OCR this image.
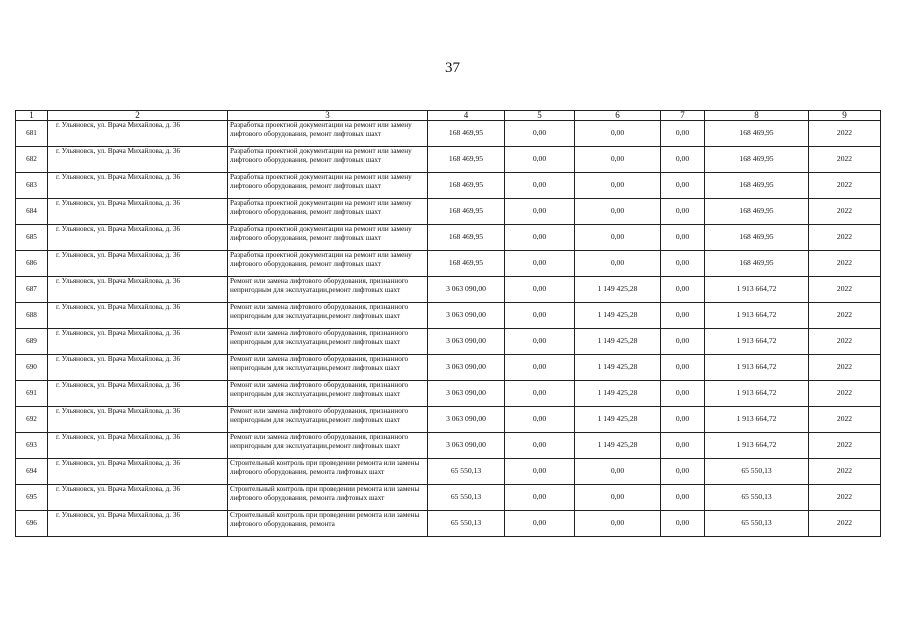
37
1	2	3	4	5	6	7	8	9
681	г. Ульяновск, ул. Врача Михайлова, д. 36	Разработка проектной документации на ремонт или замену лифтового оборудования, ремонт лифтовых шахт	168 469,95	0,00	0,00	0,00	168 469,95	2022
682	г. Ульяновск, ул. Врача Михайлова, д. 36	Разработка проектной документации на ремонт или замену лифтового оборудования, ремонт лифтовых шахт	168 469,95	0,00	0,00	0,00	168 469,95	2022
683	г. Ульяновск, ул. Врача Михайлова, д. 36	Разработка проектной документации на ремонт или замену лифтового оборудования, ремонт лифтовых шахт	168 469,95	0,00	0,00	0,00	168 469,95	2022
684	г. Ульяновск, ул. Врача Михайлова, д. 36	Разработка проектной документации на ремонт или замену лифтового оборудования, ремонт лифтовых шахт	168 469,95	0,00	0,00	0,00	168 469,95	2022
685	г. Ульяновск, ул. Врача Михайлова, д. 36	Разработка проектной документации на ремонт или замену лифтового оборудования, ремонт лифтовых шахт	168 469,95	0,00	0,00	0,00	168 469,95	2022
686	г. Ульяновск, ул. Врача Михайлова, д. 36	Разработка проектной документации на ремонт или замену лифтового оборудования, ремонт лифтовых шахт	168 469,95	0,00	0,00	0,00	168 469,95	2022
687	г. Ульяновск, ул. Врача Михайлова, д. 36	Ремонт или замена лифтового оборудования, признанного непригодным для эксплуатации,ремонт лифтовых шахт	3 063 090,00	0,00	1 149 425,28	0,00	1 913 664,72	2022
688	г. Ульяновск, ул. Врача Михайлова, д. 36	Ремонт или замена лифтового оборудования, признанного непригодным для эксплуатации,ремонт лифтовых шахт	3 063 090,00	0,00	1 149 425,28	0,00	1 913 664,72	2022
689	г. Ульяновск, ул. Врача Михайлова, д. 36	Ремонт или замена лифтового оборудования, признанного непригодным для эксплуатации,ремонт лифтовых шахт	3 063 090,00	0,00	1 149 425,28	0,00	1 913 664,72	2022
690	г. Ульяновск, ул. Врача Михайлова, д. 36	Ремонт или замена лифтового оборудования, признанного непригодным для эксплуатации,ремонт лифтовых шахт	3 063 090,00	0,00	1 149 425,28	0,00	1 913 664,72	2022
691	г. Ульяновск, ул. Врача Михайлова, д. 36	Ремонт или замена лифтового оборудования, признанного непригодным для эксплуатации,ремонт лифтовых шахт	3 063 090,00	0,00	1 149 425,28	0,00	1 913 664,72	2022
692	г. Ульяновск, ул. Врача Михайлова, д. 36	Ремонт или замена лифтового оборудования, признанного непригодным для эксплуатации,ремонт лифтовых шахт	3 063 090,00	0,00	1 149 425,28	0,00	1 913 664,72	2022
693	г. Ульяновск, ул. Врача Михайлова, д. 36	Ремонт или замена лифтового оборудования, признанного непригодным для эксплуатации,ремонт лифтовых шахт	3 063 090,00	0,00	1 149 425,28	0,00	1 913 664,72	2022
694	г. Ульяновск, ул. Врача Михайлова, д. 36	Строительный контроль при проведении ремонта или замены лифтового оборудования, ремонта лифтовых шахт	65 550,13	0,00	0,00	0,00	65 550,13	2022
695	г. Ульяновск, ул. Врача Михайлова, д. 36	Строительный контроль при проведении ремонта или замены лифтового оборудования, ремонта лифтовых шахт	65 550,13	0,00	0,00	0,00	65 550,13	2022
696	г. Ульяновск, ул. Врача Михайлова, д. 36	Строительный контроль при проведении ремонта или замены лифтового оборудования, ремонта	65 550,13	0,00	0,00	0,00	65 550,13	2022
